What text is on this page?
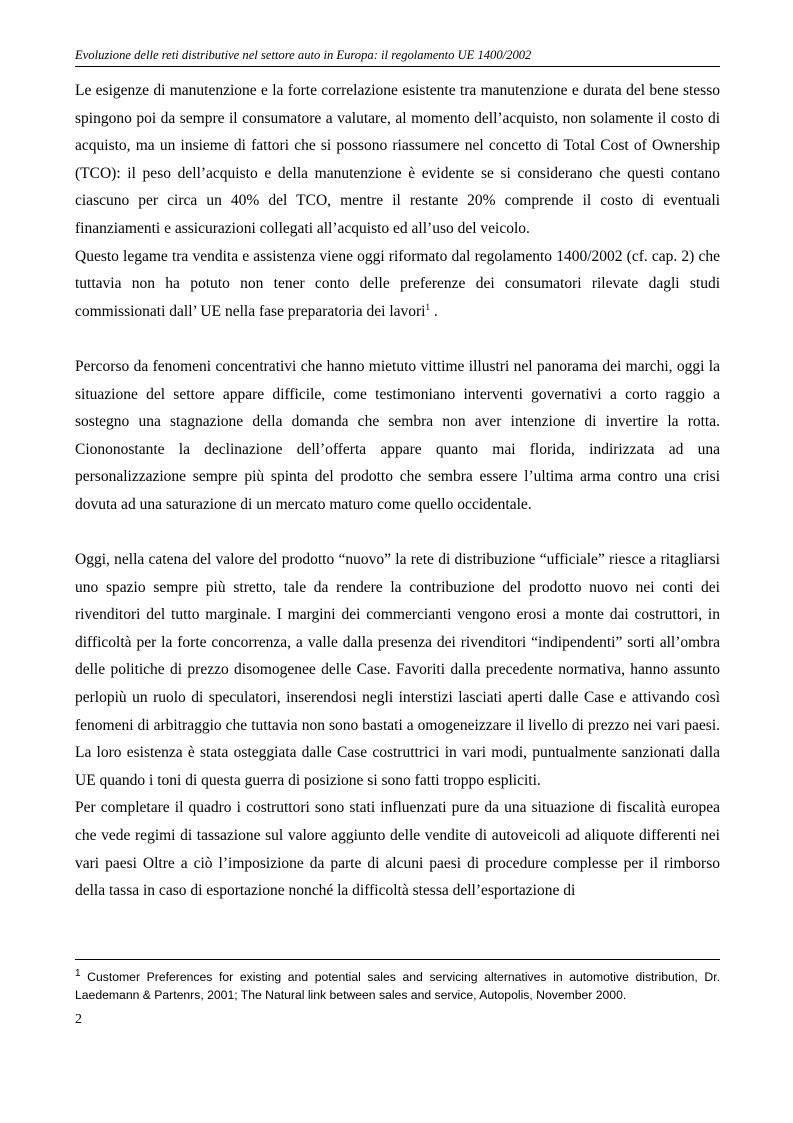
Evoluzione delle reti distributive nel settore auto in Europa: il regolamento UE 1400/2002

Le esigenze di manutenzione e la forte correlazione esistente tra manutenzione e durata del bene stesso spingono poi da sempre il consumatore a valutare, al momento dell’acquisto, non solamente il costo di acquisto, ma un insieme di fattori che si possono riassumere nel concetto di Total Cost of Ownership (TCO): il peso dell’acquisto e della manutenzione è evidente se si considerano che questi contano ciascuno per circa un 40% del TCO, mentre il restante 20% comprende il costo di eventuali finanziamenti e assicurazioni collegati all’acquisto ed all’uso del veicolo.

Questo legame tra vendita e assistenza viene oggi riformato dal regolamento 1400/2002 (cf. cap. 2) che tuttavia non ha potuto non tener conto delle preferenze dei consumatori rilevate dagli studi commissionati dall’ UE nella fase preparatoria dei lavori$^1$ .

Percorso da fenomeni concentrativi che hanno mietuto vittime illustri nel panorama dei marchi, oggi la situazione del settore appare difficile, come testimoniano interventi governativi a corto raggio a sostegno una stagnazione della domanda che sembra non aver intenzione di invertire la rotta. Ciononostante la declinazione dell’offerta appare quanto mai florida, indirizzata ad una personalizzazione sempre più spinta del prodotto che sembra essere l’ultima arma contro una crisi dovuta ad una saturazione di un mercato maturo come quello occidentale.

Oggi, nella catena del valore del prodotto “nuovo” la rete di distribuzione “ufficiale” riesce a ritagliarsi uno spazio sempre più stretto, tale da rendere la contribuzione del prodotto nuovo nei conti dei rivenditori del tutto marginale. I margini dei commercianti vengono erosi a monte dai costruttori, in difficoltà per la forte concorrenza, a valle dalla presenza dei rivenditori “indipendenti” sorti all’ombra delle politiche di prezzo disomogenee delle Case. Favoriti dalla precedente normativa, hanno assunto perlopiù un ruolo di speculatori, inserendosi negli interstizi lasciati aperti dalle Case e attivando così fenomeni di arbitraggio che tuttavia non sono bastati a omogeneizzare il livello di prezzo nei vari paesi. La loro esistenza è stata osteggiata dalle Case costruttrici in vari modi, puntualmente sanzionati dalla UE quando i toni di questa guerra di posizione si sono fatti troppo espliciti.

Per completare il quadro i costruttori sono stati influenzati pure da una situazione di fiscalità europea che vede regimi di tassazione sul valore aggiunto delle vendite di autoveicoli ad aliquote differenti nei vari paesi Oltre a ciò l’imposizione da parte di alcuni paesi di procedure complesse per il rimborso della tassa in caso di esportazione nonché la difficoltà stessa dell’esportazione di

$^1$ Customer Preferences for existing and potential sales and servicing alternatives in automotive distribution, Dr. Laedemann & Partenrs, 2001; The Natural link between sales and service, Autopolis, November 2000.
2
